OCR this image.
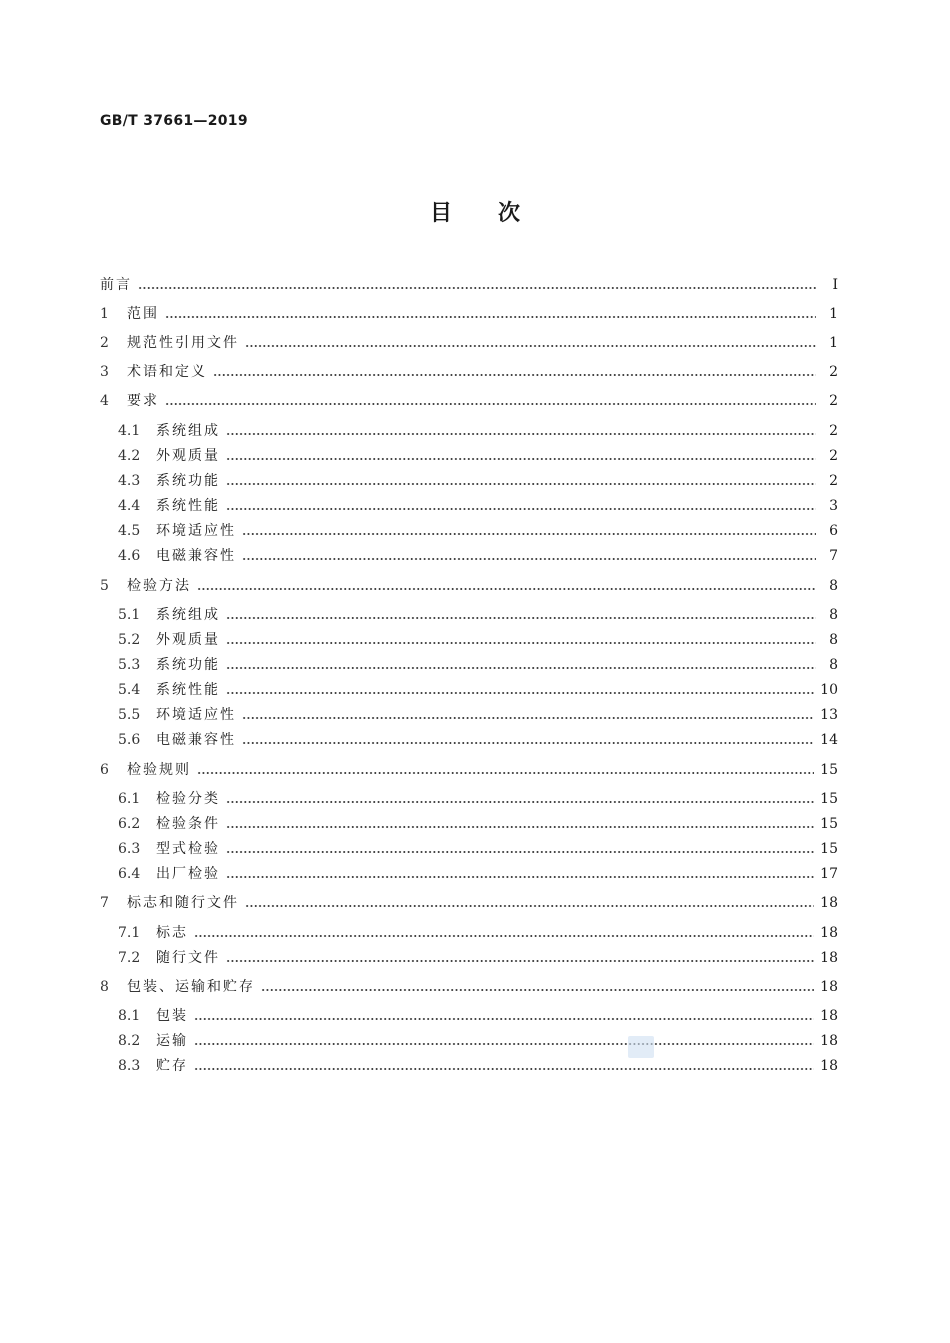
GB/T 37661—2019
目次
前言	Ⅰ
1	范围	1
2	规范性引用文件	1
3	术语和定义	2
4	要求	2
4.1	系统组成	2
4.2	外观质量	2
4.3	系统功能	2
4.4	系统性能	3
4.5	环境适应性	6
4.6	电磁兼容性	7
5	检验方法	8
5.1	系统组成	8
5.2	外观质量	8
5.3	系统功能	8
5.4	系统性能	10
5.5	环境适应性	13
5.6	电磁兼容性	14
6	检验规则	15
6.1	检验分类	15
6.2	检验条件	15
6.3	型式检验	15
6.4	出厂检验	17
7	标志和随行文件	18
7.1	标志	18
7.2	随行文件	18
8	包装、运输和贮存	18
8.1	包装	18
8.2	运输	18
8.3	贮存	18
